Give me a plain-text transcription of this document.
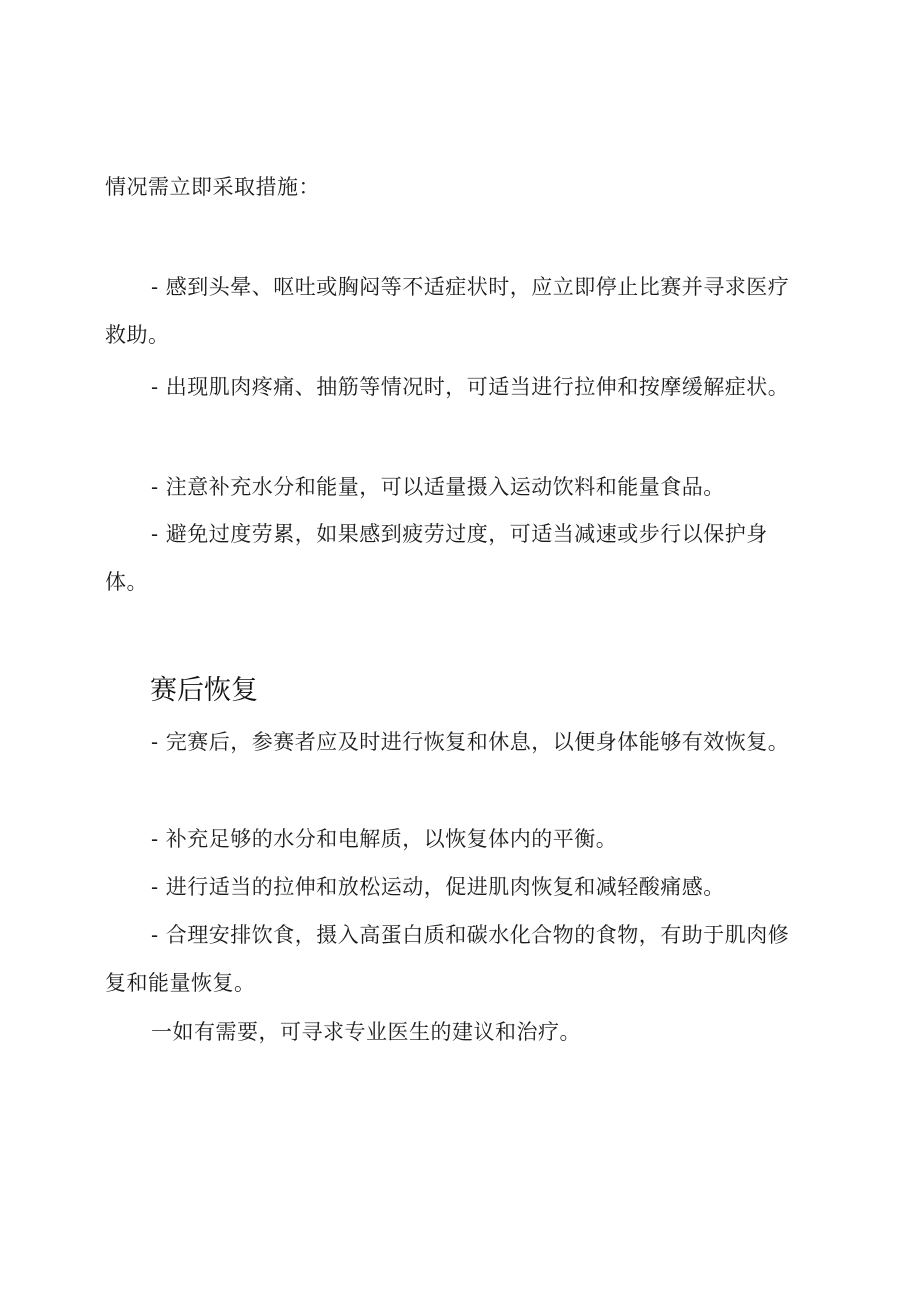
情况需立即采取措施：

- 感到头晕、呕吐或胸闷等不适症状时，应立即停止比赛并寻求医疗救助。

- 出现肌肉疼痛、抽筋等情况时，可适当进行拉伸和按摩缓解症状。

- 注意补充水分和能量，可以适量摄入运动饮料和能量食品。

- 避免过度劳累，如果感到疲劳过度，可适当减速或步行以保护身体。

赛后恢复

- 完赛后，参赛者应及时进行恢复和休息，以便身体能够有效恢复。

- 补充足够的水分和电解质，以恢复体内的平衡。

- 进行适当的拉伸和放松运动，促进肌肉恢复和减轻酸痛感。

- 合理安排饮食，摄入高蛋白质和碳水化合物的食物，有助于肌肉修复和能量恢复。

一如有需要，可寻求专业医生的建议和治疗。
